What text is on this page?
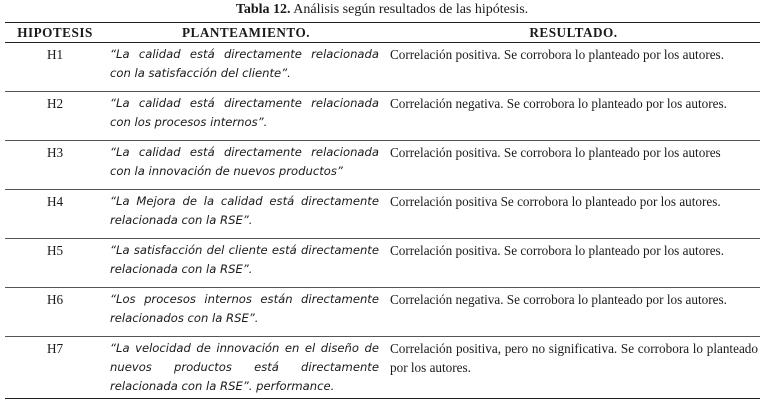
Tabla 12. Análisis según resultados de las hipótesis.
HIPOTESIS	PLANTEAMIENTO.	RESULTADO.
H1	“La calidad está directamente relacionada con la satisfacción del cliente”.	Correlación positiva. Se corrobora lo planteado por los autores.
H2	“La calidad está directamente relacionada con los procesos internos”.	Correlación negativa. Se corrobora lo planteado por los autores.
H3	“La calidad está directamente relacionada con la innovación de nuevos productos”	Correlación positiva. Se corrobora lo planteado por los autores
H4	“La Mejora de la calidad está directamente relacionada con la RSE”.	Correlación positiva Se corrobora lo planteado por los autores.
H5	“La satisfacción del cliente está directamente relacionada con la RSE”.	Correlación positiva. Se corrobora lo planteado por los autores.
H6	“Los procesos internos están directamente relacionados con la RSE”.	Correlación negativa. Se corrobora lo planteado por los autores.
H7	“La velocidad de innovación en el diseño de nuevos productos está directamente relacionada con la RSE”. performance.	Correlación positiva, pero no significativa. Se corrobora lo planteado por los autores.
